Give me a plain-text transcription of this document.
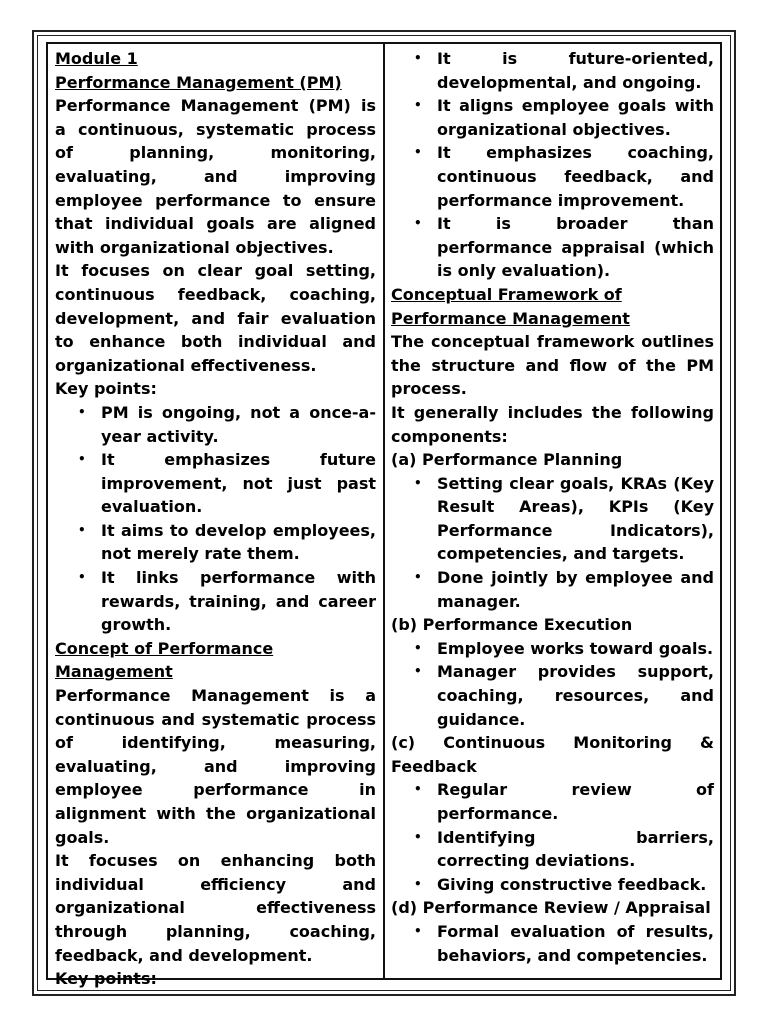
Module 1

Performance Management (PM)

Performance Management (PM) is a continuous, systematic process of planning, monitoring, evaluating, and improving employee performance to ensure that individual goals are aligned with organizational objectives.

It focuses on clear goal setting, continuous feedback, coaching, development, and fair evaluation to enhance both individual and organizational effectiveness.

Key points:

• PM is ongoing, not a once-a-year activity.
• It emphasizes future improvement, not just past evaluation.
• It aims to develop employees, not merely rate them.
• It links performance with rewards, training, and career growth.

Concept of Performance Management

Performance Management is a continuous and systematic process of identifying, measuring, evaluating, and improving employee performance in alignment with the organizational goals.

It focuses on enhancing both individual efficiency and organizational effectiveness through planning, coaching, feedback, and development.

Key points:

• It is future-oriented, developmental, and ongoing.
• It aligns employee goals with organizational objectives.
• It emphasizes coaching, continuous feedback, and performance improvement.
• It is broader than performance appraisal (which is only evaluation).

Conceptual Framework of Performance Management

The conceptual framework outlines the structure and flow of the PM process.

It generally includes the following components:

(a) Performance Planning

• Setting clear goals, KRAs (Key Result Areas), KPIs (Key Performance Indicators), competencies, and targets.
• Done jointly by employee and manager.

(b) Performance Execution

• Employee works toward goals.
• Manager provides support, coaching, resources, and guidance.

(c) Continuous Monitoring & Feedback

• Regular review of performance.
• Identifying barriers, correcting deviations.
• Giving constructive feedback.

(d) Performance Review / Appraisal

• Formal evaluation of results, behaviors, and competencies.
